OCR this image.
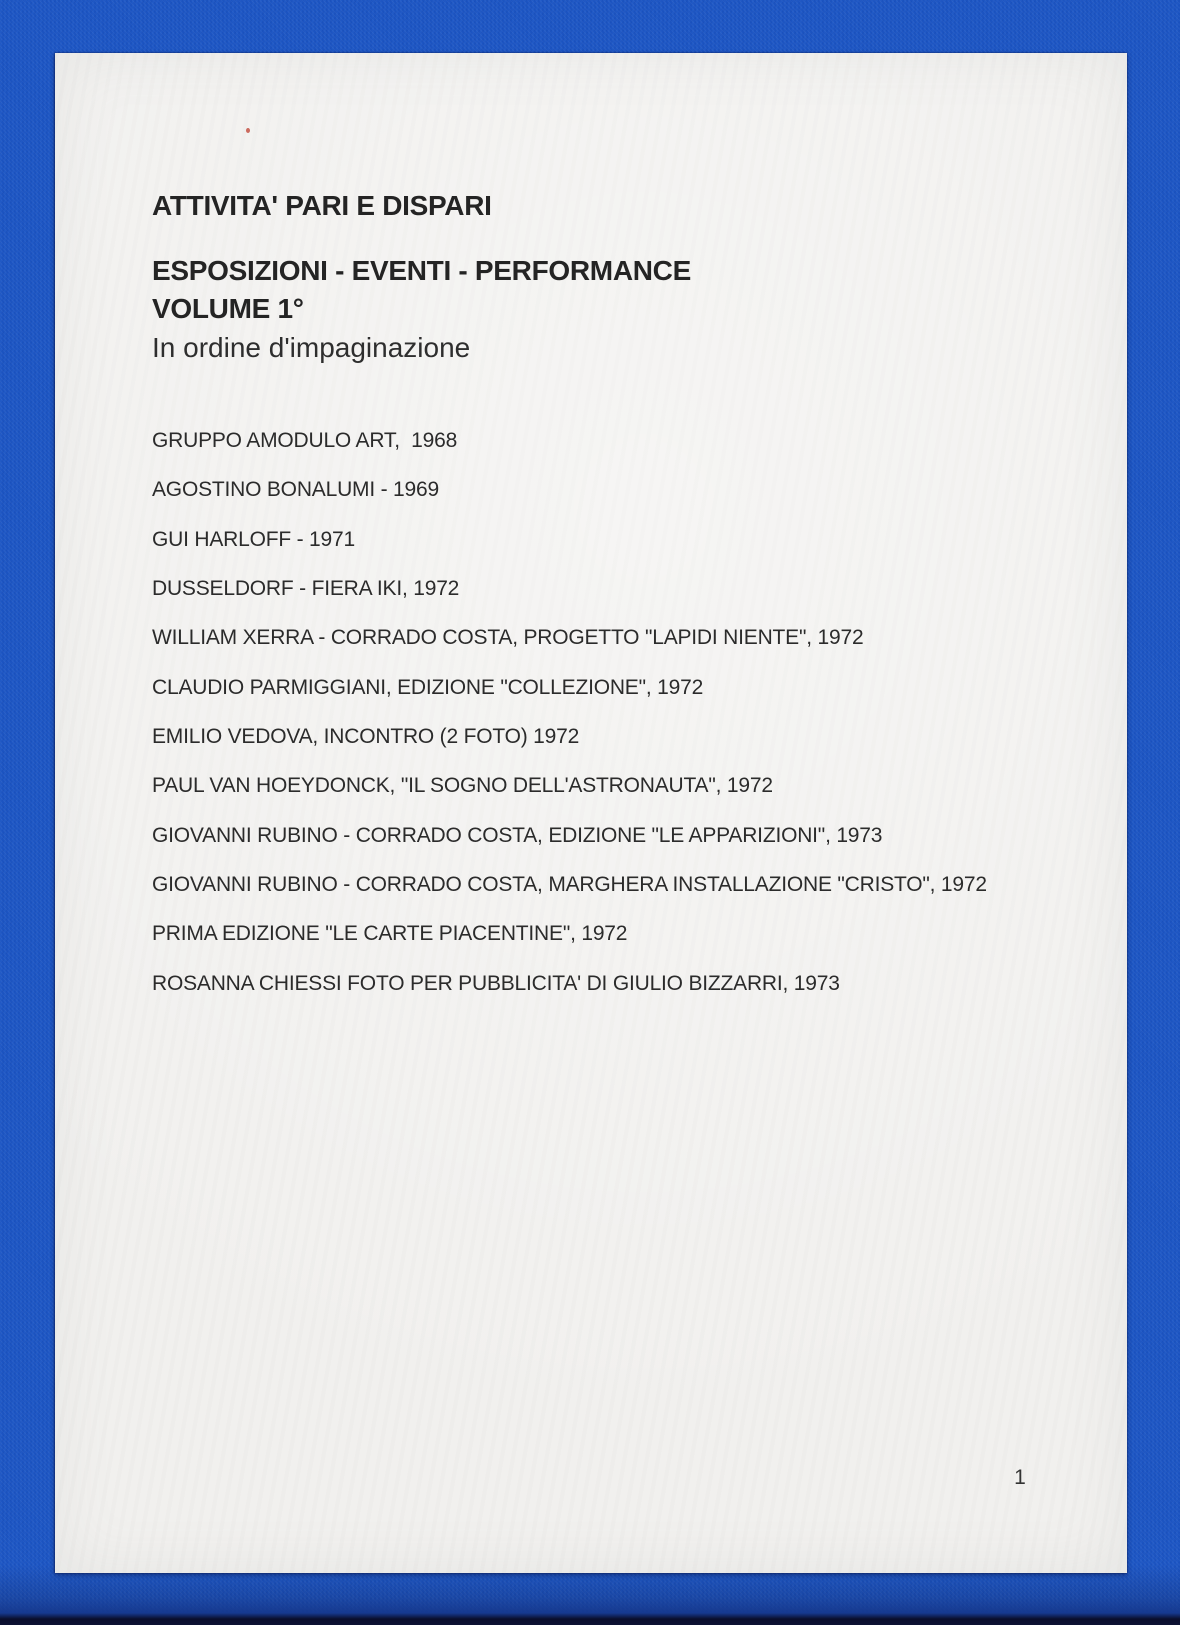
ATTIVITA' PARI E DISPARI
ESPOSIZIONI - EVENTI - PERFORMANCE
VOLUME 1°
In ordine d'impaginazione
GRUPPO AMODULO ART,  1968
AGOSTINO BONALUMI - 1969
GUI HARLOFF - 1971
DUSSELDORF - FIERA IKI, 1972
WILLIAM XERRA - CORRADO COSTA, PROGETTO "LAPIDI NIENTE", 1972
CLAUDIO PARMIGGIANI, EDIZIONE "COLLEZIONE", 1972
EMILIO VEDOVA, INCONTRO (2 FOTO) 1972
PAUL VAN HOEYDONCK, "IL SOGNO DELL'ASTRONAUTA", 1972
GIOVANNI RUBINO - CORRADO COSTA, EDIZIONE "LE APPARIZIONI", 1973
GIOVANNI RUBINO - CORRADO COSTA, MARGHERA INSTALLAZIONE "CRISTO", 1972
PRIMA EDIZIONE "LE CARTE PIACENTINE", 1972
ROSANNA CHIESSI FOTO PER PUBBLICITA' DI GIULIO BIZZARRI, 1973
1
